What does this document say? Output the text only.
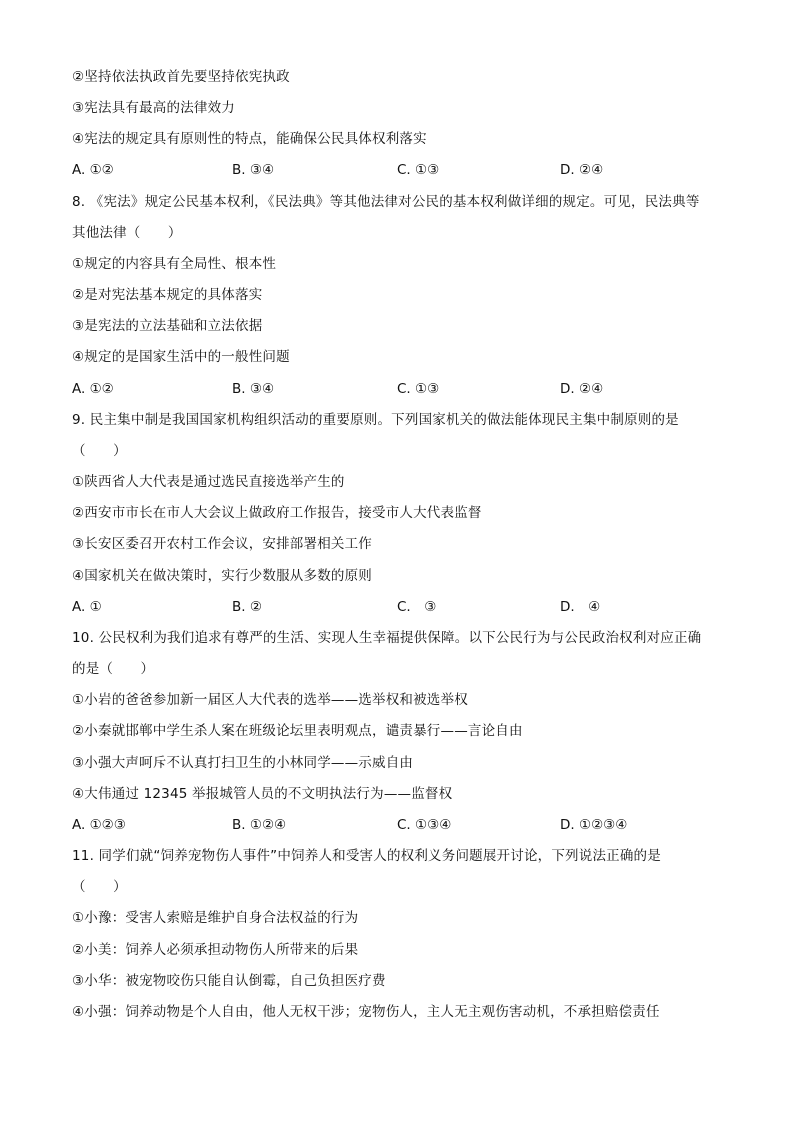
②坚持依法执政首先要坚持依宪执政
③宪法具有最高的法律效力
④宪法的规定具有原则性的特点，能确保公民具体权利落实
A. ①②	B. ③④	C. ①③	D. ②④
8. 《宪法》规定公民基本权利，《民法典》等其他法律对公民的基本权利做详细的规定。可见，民法典等
其他法律（　　）
①规定的内容具有全局性、根本性
②是对宪法基本规定的具体落实
③是宪法的立法基础和立法依据
④规定的是国家生活中的一般性问题
A. ①②	B. ③④	C. ①③	D. ②④
9. 民主集中制是我国国家机构组织活动的重要原则。下列国家机关的做法能体现民主集中制原则的是
（　　）
①陕西省人大代表是通过选民直接选举产生的
②西安市市长在市人大会议上做政府工作报告，接受市人大代表监督
③长安区委召开农村工作会议，安排部署相关工作
④国家机关在做决策时，实行少数服从多数的原则
A. ①	B. ②	C.　③	D.　④
10. 公民权利为我们追求有尊严的生活、实现人生幸福提供保障。以下公民行为与公民政治权利对应正确
的是（　　）
①小岩的爸爸参加新一届区人大代表的选举——选举权和被选举权
②小秦就邯郸中学生杀人案在班级论坛里表明观点，谴责暴行——言论自由
③小强大声呵斥不认真打扫卫生的小林同学——示威自由
④大伟通过 12345 举报城管人员的不文明执法行为——监督权
A. ①②③	B. ①②④	C. ①③④	D. ①②③④
11. 同学们就“饲养宠物伤人事件”中饲养人和受害人的权利义务问题展开讨论，下列说法正确的是
（　　）
①小豫：受害人索赔是维护自身合法权益的行为
②小美：饲养人必须承担动物伤人所带来的后果
③小华：被宠物咬伤只能自认倒霉，自己负担医疗费
④小强：饲养动物是个人自由，他人无权干涉；宠物伤人，主人无主观伤害动机，不承担赔偿责任
